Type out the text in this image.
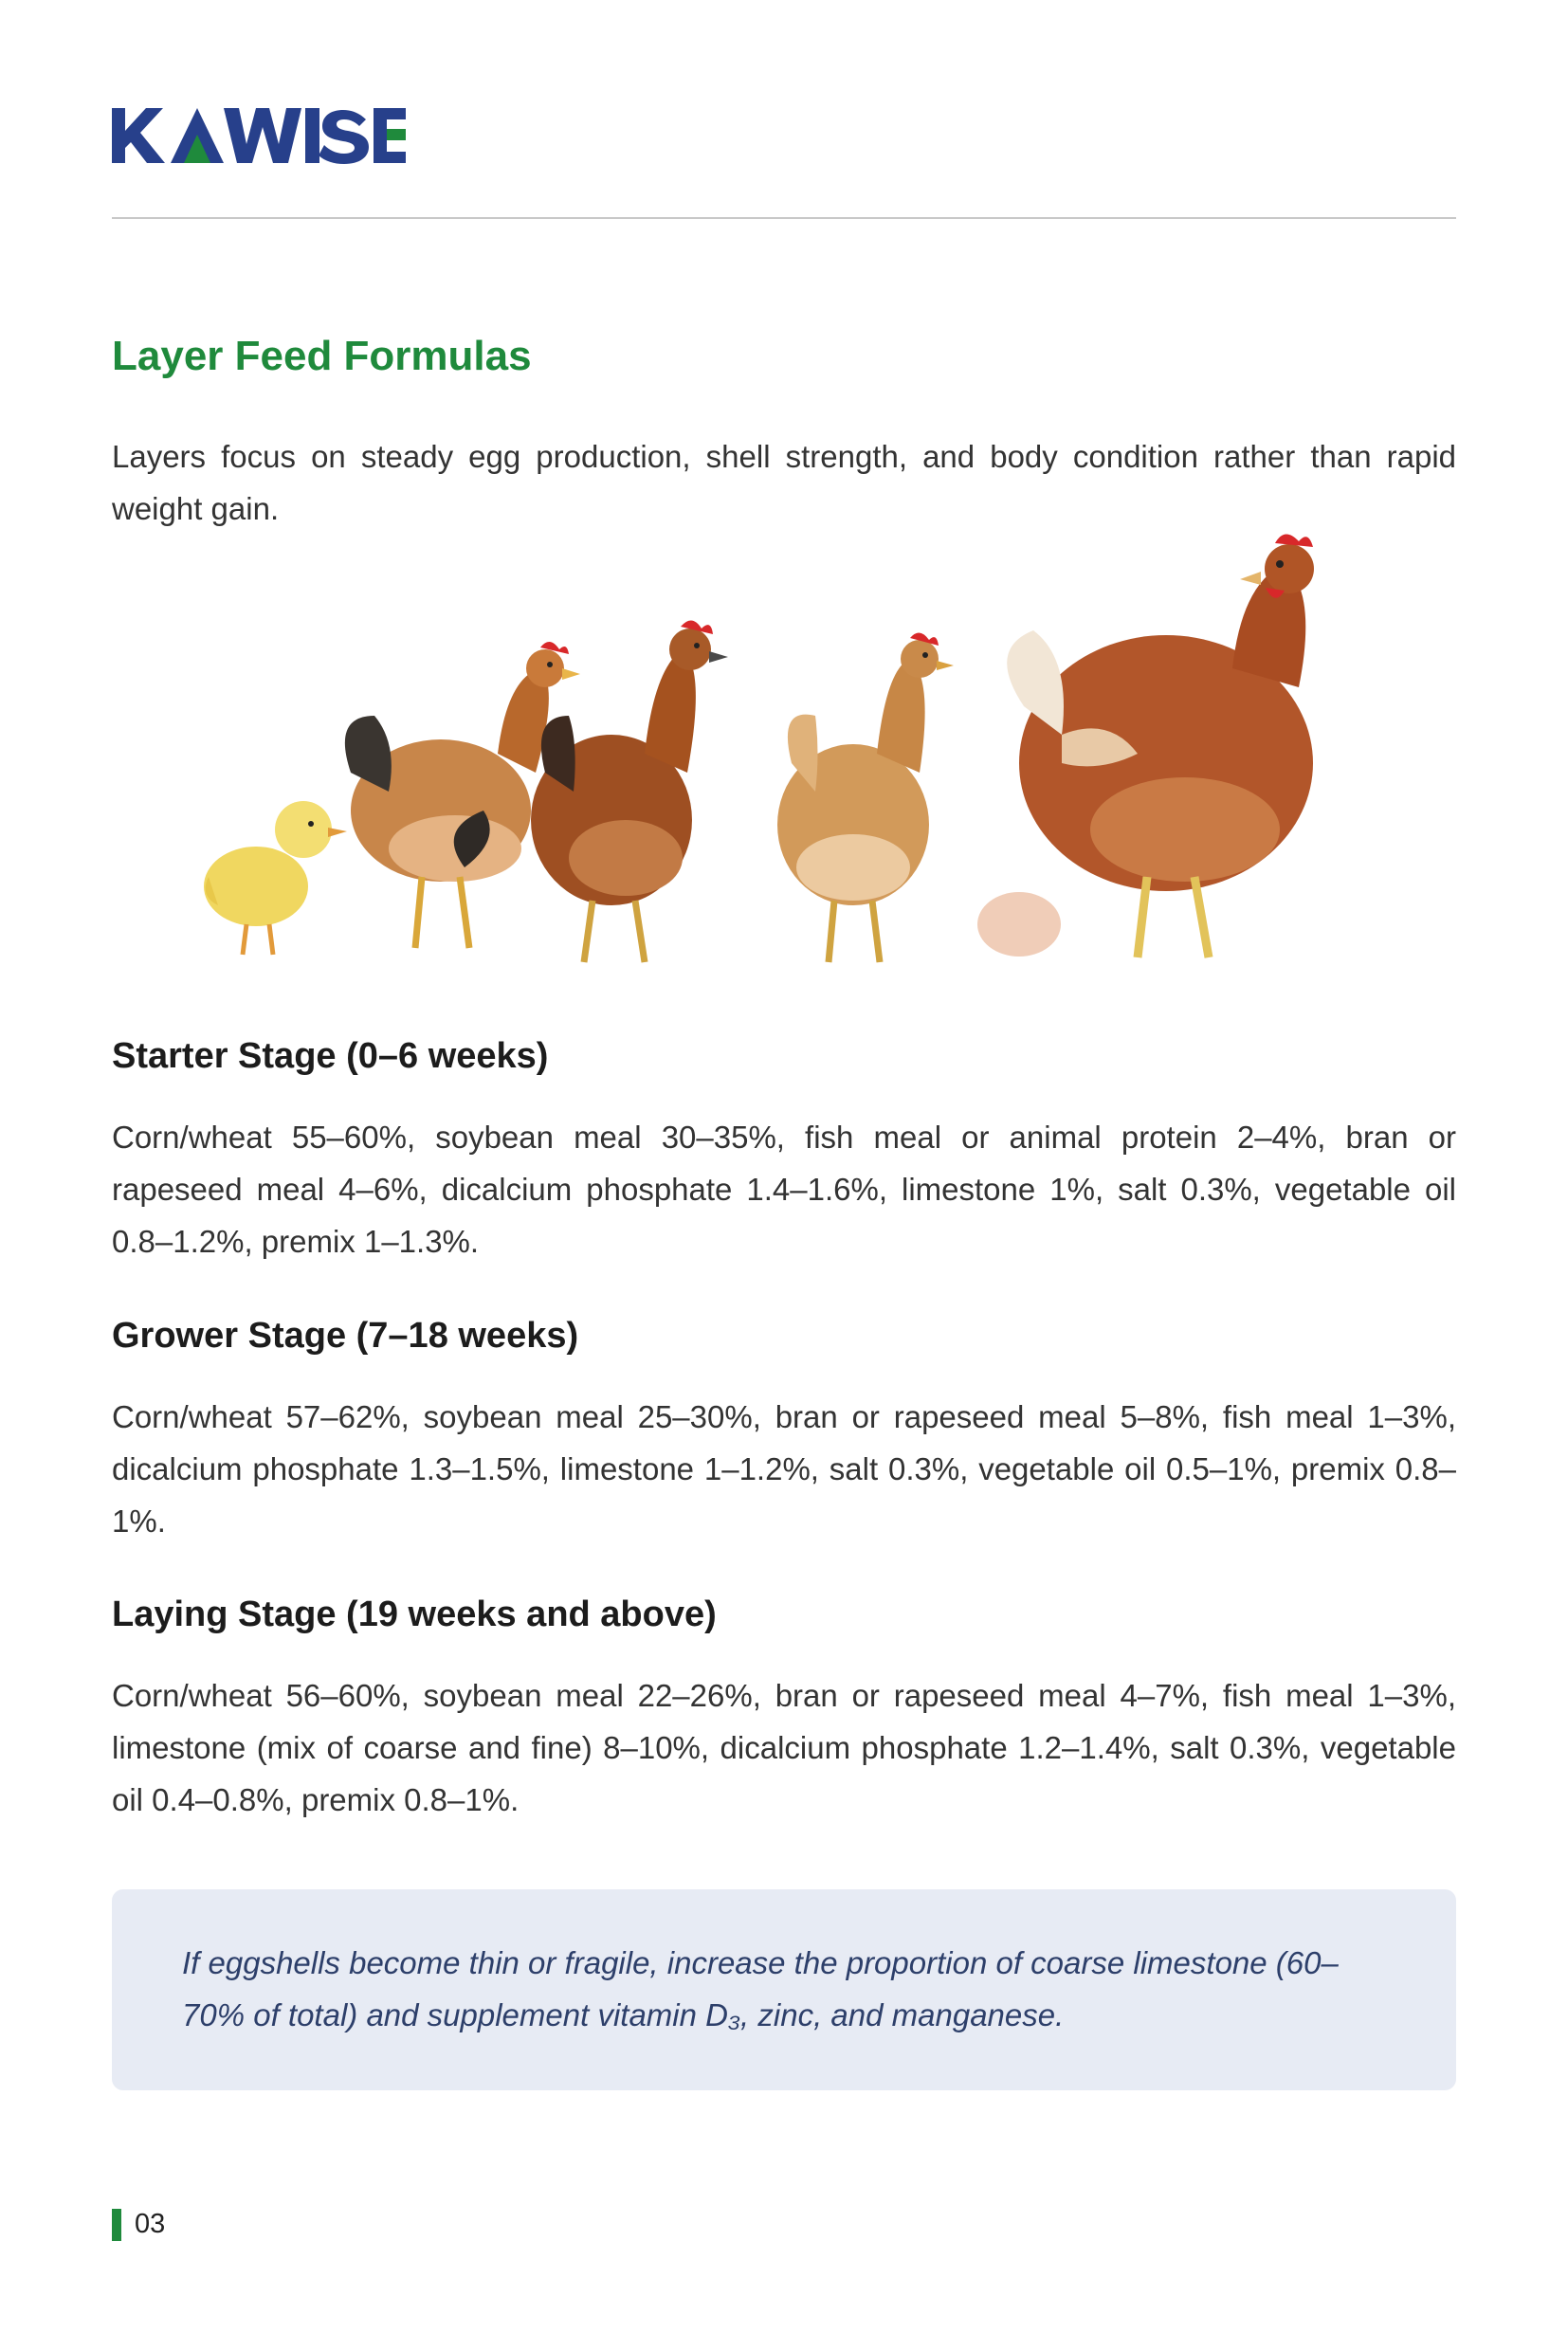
Layer Feed Formulas
Layers focus on steady egg production, shell strength, and body condition rather than rapid weight gain.
Starter Stage (0–6 weeks)
Corn/wheat 55–60%, soybean meal 30–35%, fish meal or animal protein 2–4%, bran or rapeseed meal 4–6%, dicalcium phosphate 1.4–1.6%, limestone 1%, salt 0.3%, vegetable oil 0.8–1.2%, premix 1–1.3%.
Grower Stage (7–18 weeks)
Corn/wheat 57–62%, soybean meal 25–30%, bran or rapeseed meal 5–8%, fish meal 1–3%, dicalcium phosphate 1.3–1.5%, limestone 1–1.2%, salt 0.3%, vegetable oil 0.5–1%, premix 0.8–1%.
Laying Stage (19 weeks and above)
Corn/wheat 56–60%, soybean meal 22–26%, bran or rapeseed meal 4–7%, fish meal 1–3%, limestone (mix of coarse and fine) 8–10%, dicalcium phosphate 1.2–1.4%, salt 0.3%, vegetable oil 0.4–0.8%, premix 0.8–1%.
If eggshells become thin or fragile, increase the proportion of coarse limestone (60–70% of total) and supplement vitamin D₃, zinc, and manganese.
03
